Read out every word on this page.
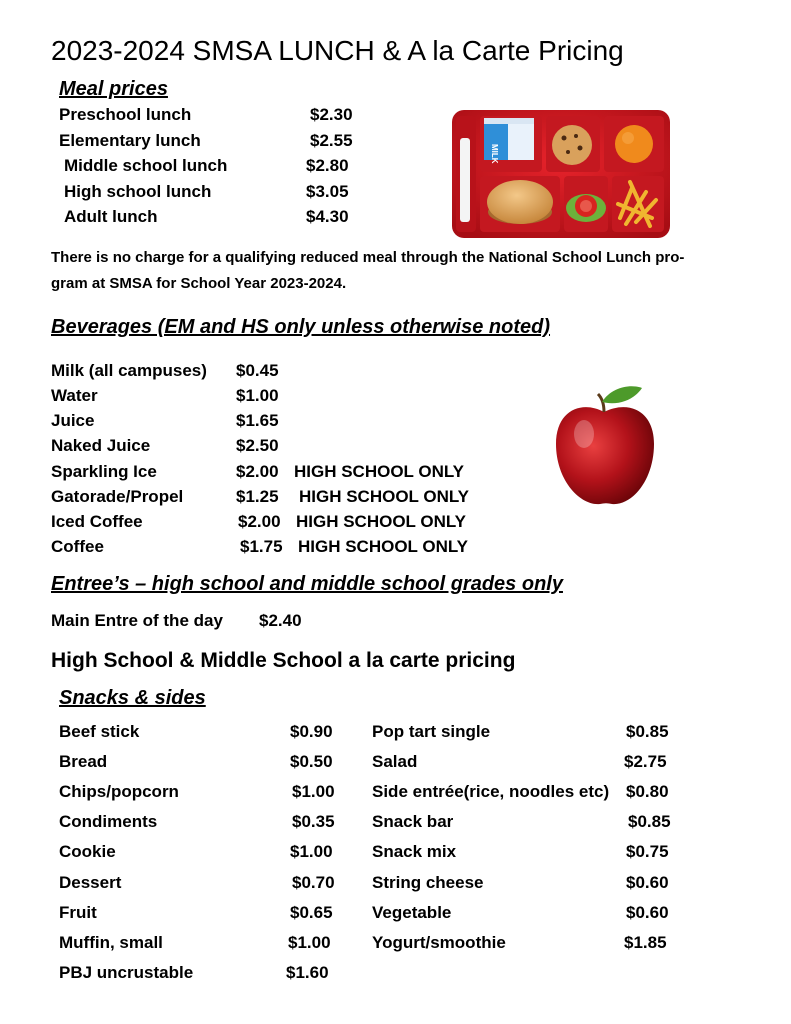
2023-2024 SMSA LUNCH & A la Carte Pricing
Meal prices
Preschool lunch	$2.30
Elementary lunch	$2.55
Middle school lunch	$2.80
High school lunch	$3.05
Adult lunch	$4.30
MILK
There is no charge for a qualifying reduced meal through the National School Lunch pro-
gram at SMSA for School Year 2023-2024.
Beverages (EM and HS only unless otherwise noted)
Milk (all campuses) $0.45
Water	$1.00
Juice	$1.65
Naked Juice	$2.50
Sparkling Ice	$2.00 HIGH SCHOOL ONLY
Gatorade/Propel	$1.25 HIGH SCHOOL ONLY
Iced Coffee	$2.00 HIGH SCHOOL ONLY
Coffee	$1.75 HIGH SCHOOL ONLY
Entree’s – high school and middle school grades only
Main Entre of the day $2.40
High School & Middle School a la carte pricing
Snacks & sides
Beef stick	$0.90
Bread	$0.50
Chips/popcorn	$1.00
Condiments	$0.35
Cookie	$1.00
Dessert	$0.70
Fruit	$0.65
Muffin, small	$1.00
PBJ uncrustable	$1.60
Pop tart single	$0.85
Salad	$2.75
Side entrée(rice, noodles etc) $0.80
Snack bar	$0.85
Snack mix	$0.75
String cheese	$0.60
Vegetable	$0.60
Yogurt/smoothie	$1.85
